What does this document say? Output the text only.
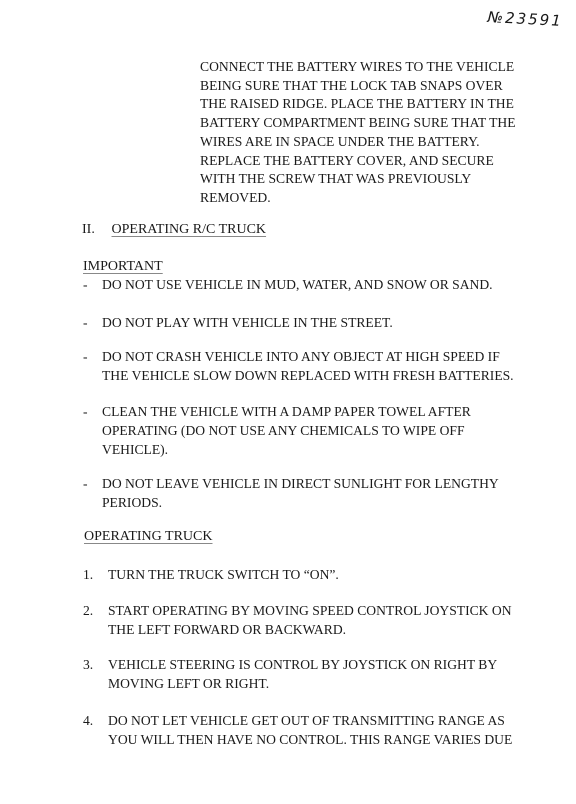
№23591
CONNECT THE BATTERY WIRES TO THE VEHICLE
BEING SURE THAT THE LOCK TAB SNAPS OVER
THE RAISED RIDGE. PLACE THE BATTERY IN THE
BATTERY COMPARTMENT BEING SURE THAT THE
WIRES ARE IN SPACE UNDER THE BATTERY.
REPLACE THE BATTERY COVER, AND SECURE
WITH THE SCREW THAT WAS PREVIOUSLY
REMOVED.
II. OPERATING R/C TRUCK
IMPORTANT
-	DO NOT USE VEHICLE IN MUD, WATER, AND SNOW OR SAND.
-	DO NOT PLAY WITH VEHICLE IN THE STREET.
-	DO NOT CRASH VEHICLE INTO ANY OBJECT AT HIGH SPEED IF
THE VEHICLE SLOW DOWN REPLACED WITH FRESH BATTERIES.
-	CLEAN THE VEHICLE WITH A DAMP PAPER TOWEL AFTER
OPERATING (DO NOT USE ANY CHEMICALS TO WIPE OFF
VEHICLE).
-	DO NOT LEAVE VEHICLE IN DIRECT SUNLIGHT FOR LENGTHY
PERIODS.
OPERATING TRUCK
1.	TURN THE TRUCK SWITCH TO “ON”.
2.	START OPERATING BY MOVING SPEED CONTROL JOYSTICK ON
THE LEFT FORWARD OR BACKWARD.
3.	VEHICLE STEERING IS CONTROL BY JOYSTICK ON RIGHT BY
MOVING LEFT OR RIGHT.
4.	DO NOT LET VEHICLE GET OUT OF TRANSMITTING RANGE AS
YOU WILL THEN HAVE NO CONTROL. THIS RANGE VARIES DUE
